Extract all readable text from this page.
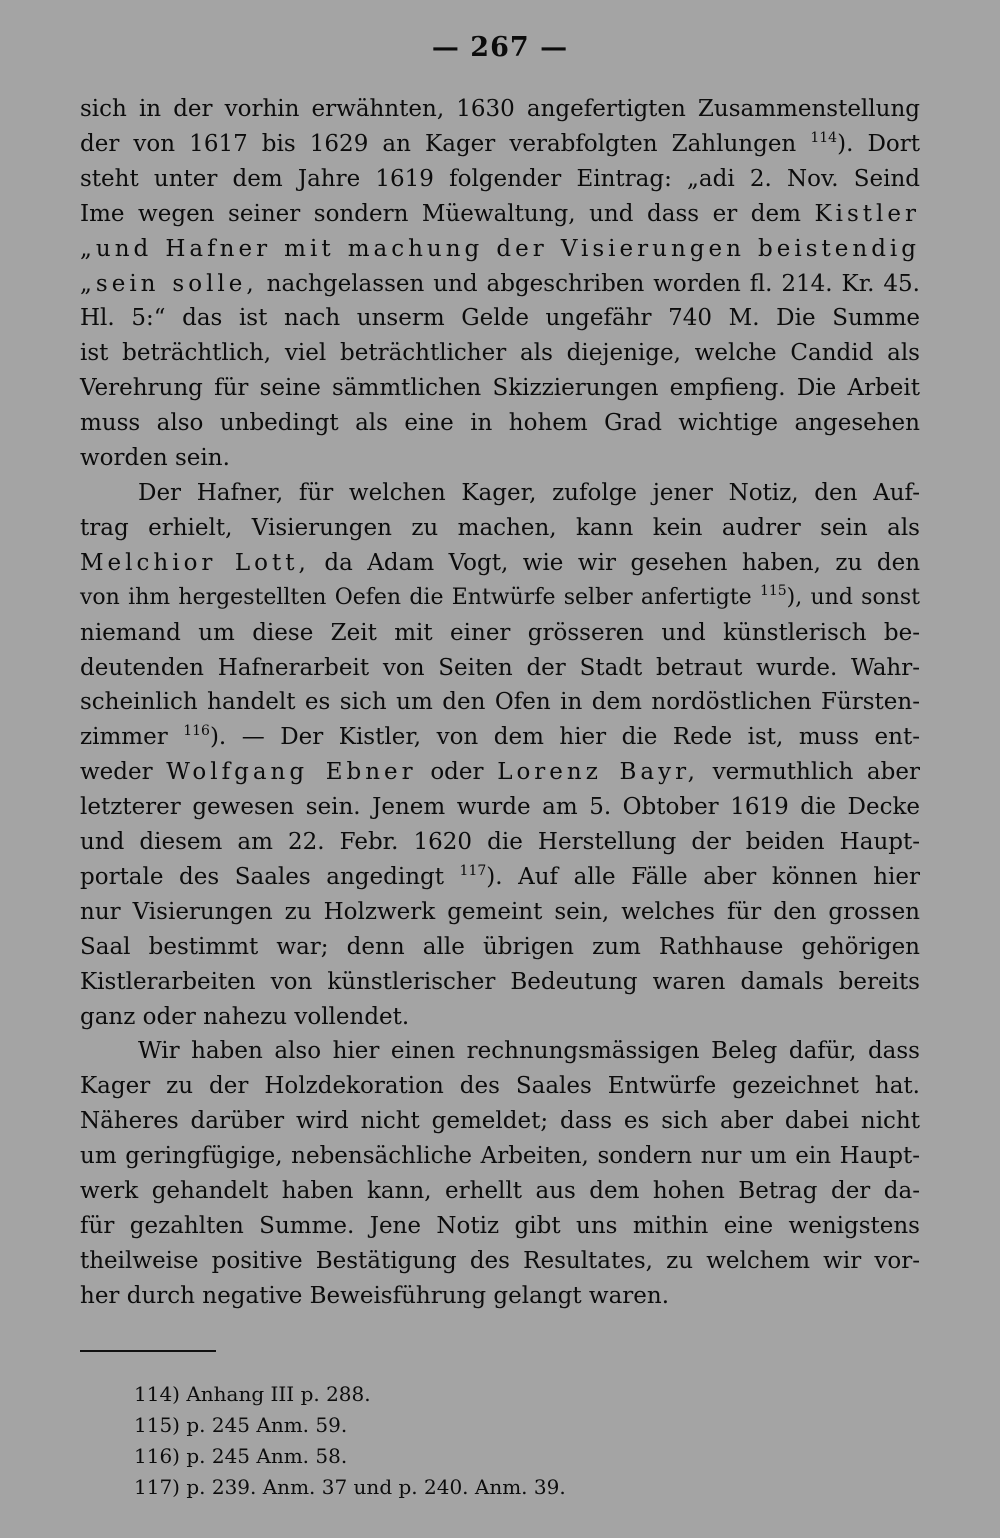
— 267 —
sich in der vorhin erwähnten, 1630 angefertigten Zusammenstellung
der von 1617 bis 1629 an Kager verabfolgten Zahlungen $^{114}$). Dort
steht unter dem Jahre 1619 folgender Eintrag: „adi 2. Nov. Seind
Ime wegen seiner sondern Müewaltung, und dass er dem Kistler
„und Hafner mit machung der Visierungen beistendig
„sein solle, nachgelassen und abgeschriben worden fl. 214. Kr. 45.
Hl. 5:“ das ist nach unserm Gelde ungefähr 740 M. Die Summe
ist beträchtlich, viel beträchtlicher als diejenige, welche Candid als
Verehrung für seine sämmtlichen Skizzierungen empfieng. Die Arbeit
muss also unbedingt als eine in hohem Grad wichtige angesehen
worden sein.
Der Hafner, für welchen Kager, zufolge jener Notiz, den Auf-
trag erhielt, Visierungen zu machen, kann kein audrer sein als
Melchior Lott, da Adam Vogt, wie wir gesehen haben, zu den
von ihm hergestellten Oefen die Entwürfe selber anfertigte $^{115}$), und sonst
niemand um diese Zeit mit einer grösseren und künstlerisch be-
deutenden Hafnerarbeit von Seiten der Stadt betraut wurde. Wahr-
scheinlich handelt es sich um den Ofen in dem nordöstlichen Fürsten-
zimmer $^{116}$). — Der Kistler, von dem hier die Rede ist, muss ent-
weder Wolfgang Ebner oder Lorenz Bayr, vermuthlich aber
letzterer gewesen sein. Jenem wurde am 5. Obtober 1619 die Decke
und diesem am 22. Febr. 1620 die Herstellung der beiden Haupt-
portale des Saales angedingt $^{117}$). Auf alle Fälle aber können hier
nur Visierungen zu Holzwerk gemeint sein, welches für den grossen
Saal bestimmt war; denn alle übrigen zum Rathhause gehörigen
Kistlerarbeiten von künstlerischer Bedeutung waren damals bereits
ganz oder nahezu vollendet.
Wir haben also hier einen rechnungsmässigen Beleg dafür, dass
Kager zu der Holzdekoration des Saales Entwürfe gezeichnet hat.
Näheres darüber wird nicht gemeldet; dass es sich aber dabei nicht
um geringfügige, nebensächliche Arbeiten, sondern nur um ein Haupt-
werk gehandelt haben kann, erhellt aus dem hohen Betrag der da-
für gezahlten Summe. Jene Notiz gibt uns mithin eine wenigstens
theilweise positive Bestätigung des Resultates, zu welchem wir vor-
her durch negative Beweisführung gelangt waren.
114) Anhang III p. 288.
115) p. 245 Anm. 59.
116) p. 245 Anm. 58.
117) p. 239. Anm. 37 und p. 240. Anm. 39.
